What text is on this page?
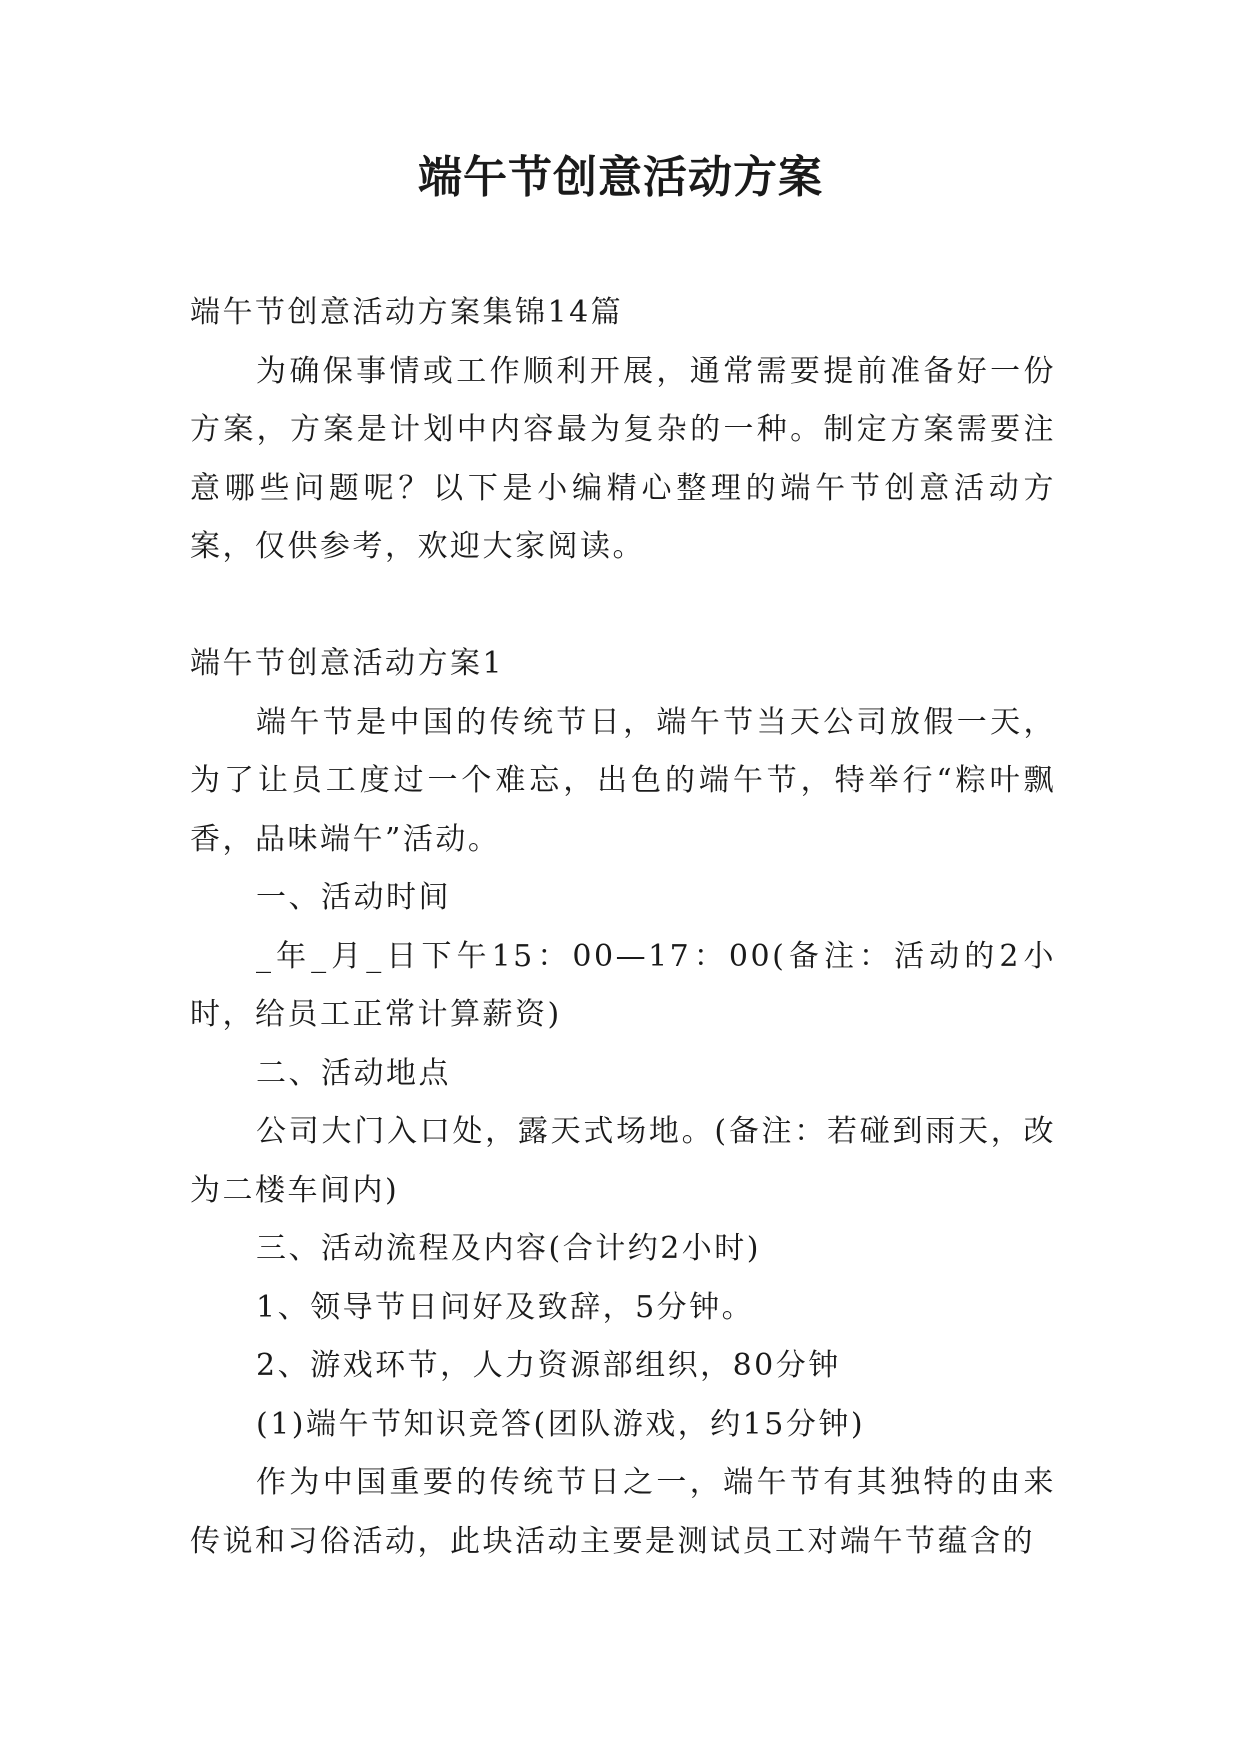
端午节创意活动方案

端午节创意活动方案集锦14篇

为确保事情或工作顺利开展，通常需要提前准备好一份方案，方案是计划中内容最为复杂的一种。制定方案需要注意哪些问题呢？以下是小编精心整理的端午节创意活动方案，仅供参考，欢迎大家阅读。

端午节创意活动方案1

端午节是中国的传统节日，端午节当天公司放假一天，为了让员工度过一个难忘，出色的端午节，特举行“粽叶飘香，品味端午”活动。

一、活动时间

_年_月_日下午15：00—17：00(备注：活动的2小时，给员工正常计算薪资)

二、活动地点

公司大门入口处，露天式场地。(备注：若碰到雨天，改为二楼车间内)

三、活动流程及内容(合计约2小时)

1、领导节日问好及致辞，5分钟。

2、游戏环节，人力资源部组织，80分钟

(1)端午节知识竞答(团队游戏，约15分钟)

作为中国重要的传统节日之一，端午节有其独特的由来传说和习俗活动，此块活动主要是测试员工对端午节蕴含的
